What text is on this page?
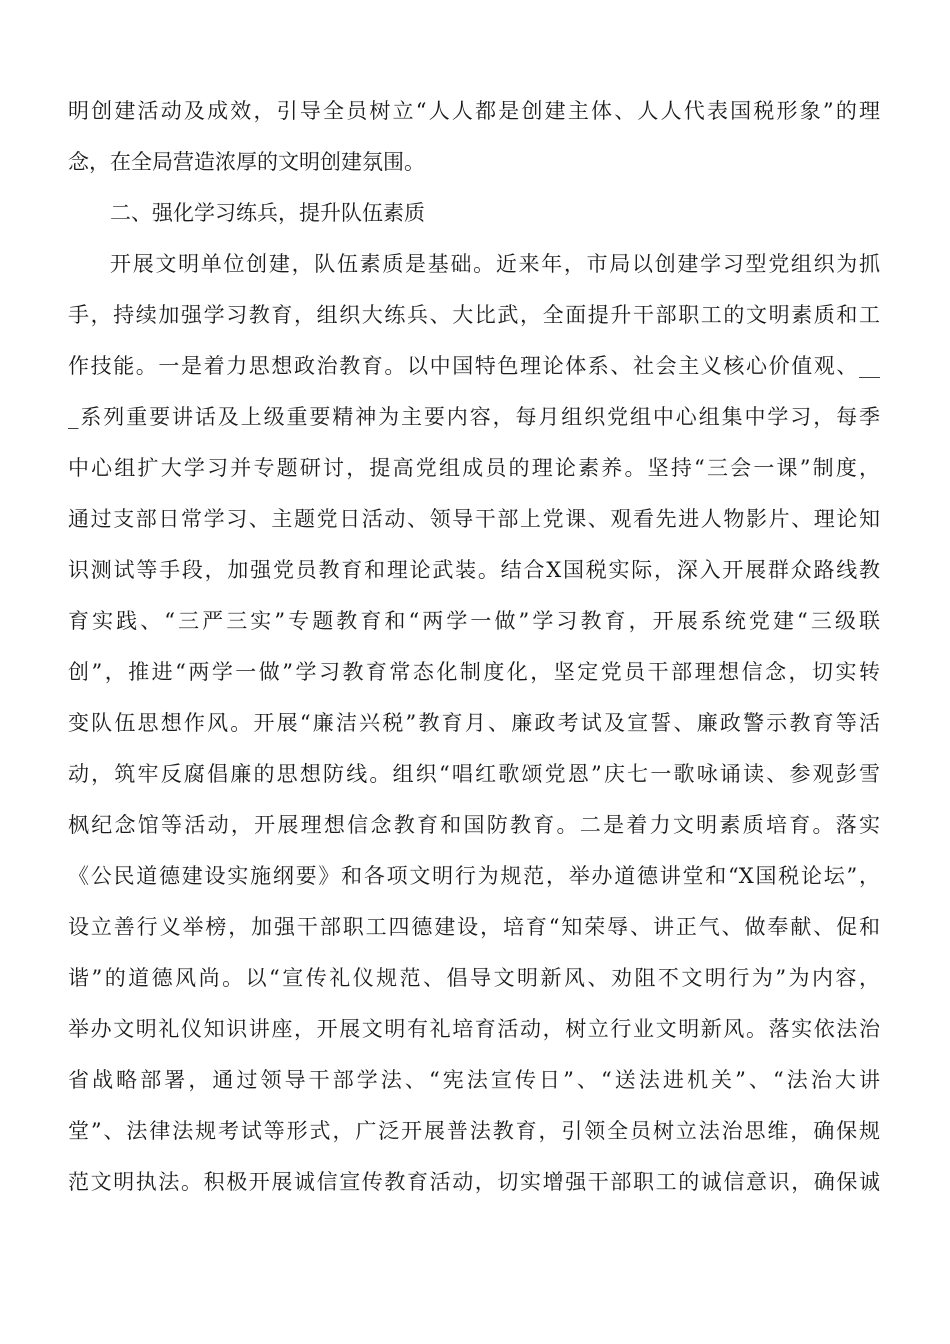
明创建活动及成效，引导全员树立“人人都是创建主体、人人代表国税形象”的理
念，在全局营造浓厚的文明创建氛围。
二、强化学习练兵，提升队伍素质
开展文明单位创建，队伍素质是基础。近来年，市局以创建学习型党组织为抓
手，持续加强学习教育，组织大练兵、大比武，全面提升干部职工的文明素质和工
作技能。一是着力思想政治教育。以中国特色理论体系、社会主义核心价值观、__
_系列重要讲话及上级重要精神为主要内容，每月组织党组中心组集中学习，每季
中心组扩大学习并专题研讨，提高党组成员的理论素养。坚持“三会一课”制度，
通过支部日常学习、主题党日活动、领导干部上党课、观看先进人物影片、理论知
识测试等手段，加强党员教育和理论武装。结合X国税实际，深入开展群众路线教
育实践、“三严三实”专题教育和“两学一做”学习教育，开展系统党建“三级联
创”，推进“两学一做”学习教育常态化制度化，坚定党员干部理想信念，切实转
变队伍思想作风。开展“廉洁兴税”教育月、廉政考试及宣誓、廉政警示教育等活
动，筑牢反腐倡廉的思想防线。组织“唱红歌颂党恩”庆七一歌咏诵读、参观彭雪
枫纪念馆等活动，开展理想信念教育和国防教育。二是着力文明素质培育。落实
《公民道德建设实施纲要》和各项文明行为规范，举办道德讲堂和“X国税论坛”，
设立善行义举榜，加强干部职工四德建设，培育“知荣辱、讲正气、做奉献、促和
谐”的道德风尚。以“宣传礼仪规范、倡导文明新风、劝阻不文明行为”为内容，
举办文明礼仪知识讲座，开展文明有礼培育活动，树立行业文明新风。落实依法治
省战略部署，通过领导干部学法、“宪法宣传日”、“送法进机关”、“法治大讲
堂”、法律法规考试等形式，广泛开展普法教育，引领全员树立法治思维，确保规
范文明执法。积极开展诚信宣传教育活动，切实增强干部职工的诚信意识，确保诚
